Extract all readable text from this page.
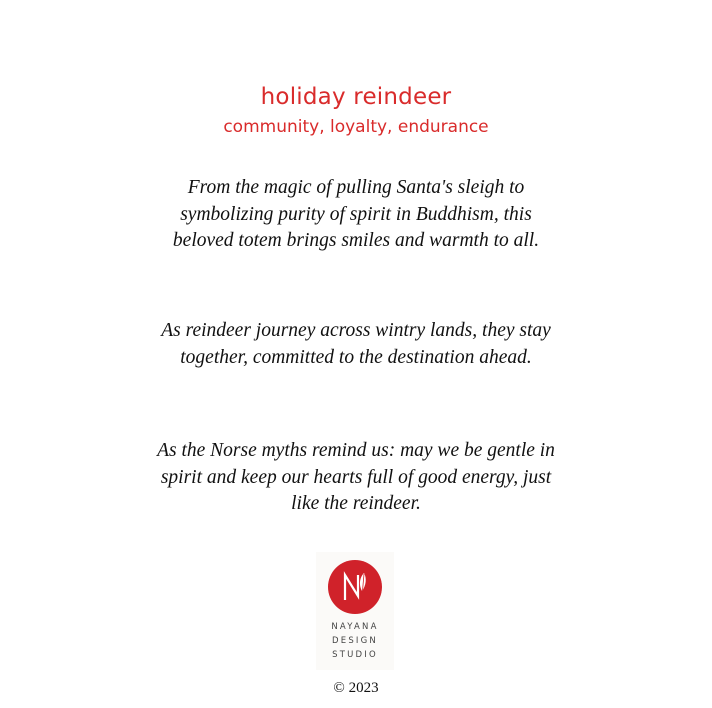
holiday reindeer
community, loyalty, endurance

From the magic of pulling Santa's sleigh to symbolizing purity of spirit in Buddhism, this beloved totem brings smiles and warmth to all.

As reindeer journey across wintry lands, they stay together, committed to the destination ahead.

As the Norse myths remind us: may we be gentle in spirit and keep our hearts full of good energy, just like the reindeer.

NAYANA
DESIGN
STUDIO
© 2023
